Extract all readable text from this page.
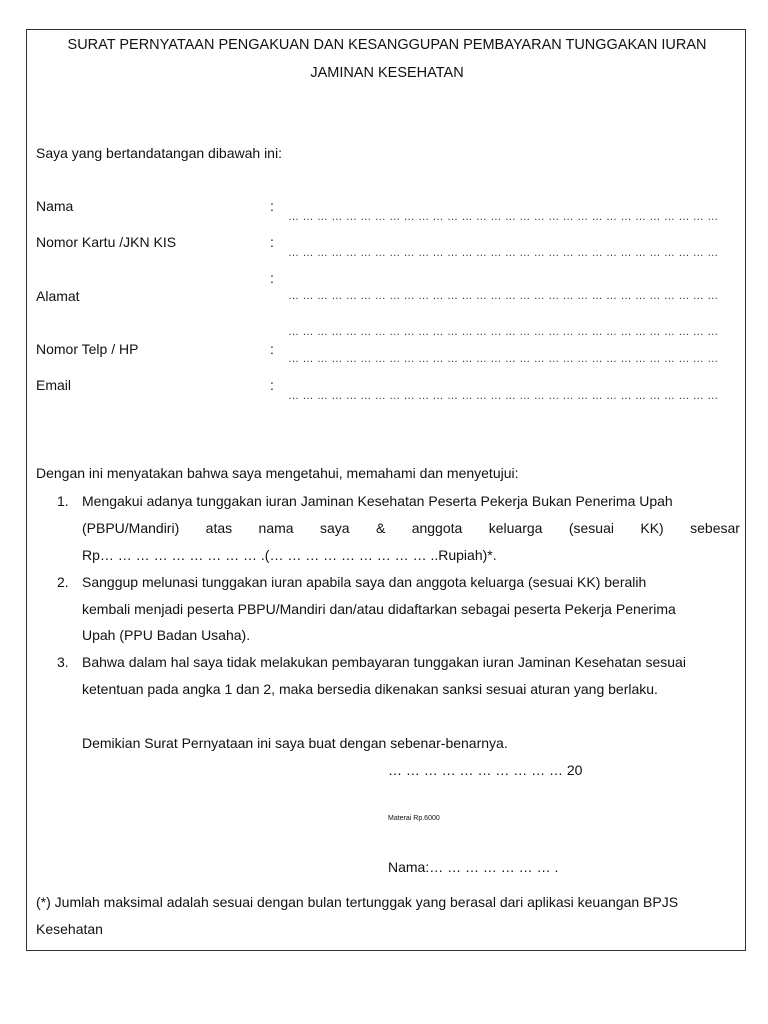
SURAT PERNYATAAN PENGAKUAN DAN KESANGGUPAN PEMBAYARAN TUNGGAKAN IURAN
JAMINAN KESEHATAN
Saya yang bertandatangan dibawah ini:
Nama	:
… … … … … … … … … … … … … … … … … … … … … … … … … … … … … …
Nomor Kartu /JKN KIS	:
… … … … … … … … … … … … … … … … … … … … … … … … … … … … … …
:
Alamat	… … … … … … … … … … … … … … … … … … … … … … … … … … … … … …
… … … … … … … … … … … … … … … … … … … … … … … … … … … … … …
Nomor Telp / HP	:
… … … … … … … … … … … … … … … … … … … … … … … … … … … … … …
Email	:
… … … … … … … … … … … … … … … … … … … … … … … … … … … … … …
Dengan ini menyatakan bahwa saya mengetahui, memahami dan menyetujui:
1. Mengakui adanya tunggakan iuran Jaminan Kesehatan Peserta Pekerja Bukan Penerima Upah
(PBPU/Mandiri) atas nama saya & anggota keluarga (sesuai KK) sebesar
Rp… … … … … … … … … .(… … … … … … … … … ..Rupiah)*.
2. Sanggup melunasi tunggakan iuran apabila saya dan anggota keluarga (sesuai KK) beralih
kembali menjadi peserta PBPU/Mandiri dan/atau didaftarkan sebagai peserta Pekerja Penerima
Upah (PPU Badan Usaha).
3. Bahwa dalam hal saya tidak melakukan pembayaran tunggakan iuran Jaminan Kesehatan sesuai
ketentuan pada angka 1 dan 2, maka bersedia dikenakan sanksi sesuai aturan yang berlaku.
Demikian Surat Pernyataan ini saya buat dengan sebenar-benarnya.
… … … … … … … … … … 20
Materai Rp.6000
Nama:… … … … … … … .
(*) Jumlah maksimal adalah sesuai dengan bulan tertunggak yang berasal dari aplikasi keuangan BPJS
Kesehatan
